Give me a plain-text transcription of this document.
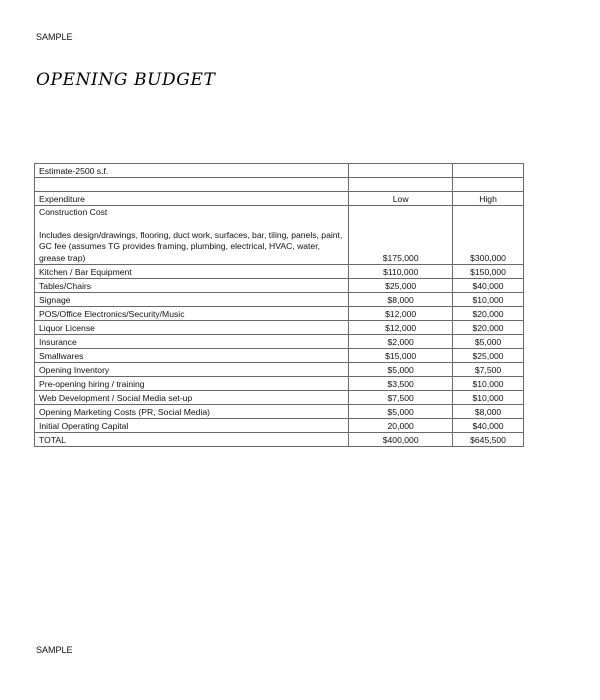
SAMPLE
OPENING BUDGET
Estimate-2500 s.f.		

Expenditure	Low	High

Construction Cost
Includes design/drawings, flooring, duct work, surfaces, bar, tiling, panels, paint, GC fee (assumes TG provides framing, plumbing, electrical, HVAC, water, grease trap)	$175,000	$300,000
Kitchen / Bar Equipment	$110,000	$150,000
Tables/Chairs	$25,000	$40,000
Signage	$8,000	$10,000
POS/Office Electronics/Security/Music	$12,000	$20,000
Liquor License	$12,000	$20,000
Insurance	$2,000	$5,000
Smallwares	$15,000	$25,000
Opening Inventory	$5,000	$7,500
Pre-opening hiring / training	$3,500	$10,000
Web Development / Social Media set-up	$7,500	$10,000
Opening Marketing Costs (PR, Social Media)	$5,000	$8,000
Initial Operating Capital	20,000	$40,000
TOTAL	$400,000	$645,500
SAMPLE
